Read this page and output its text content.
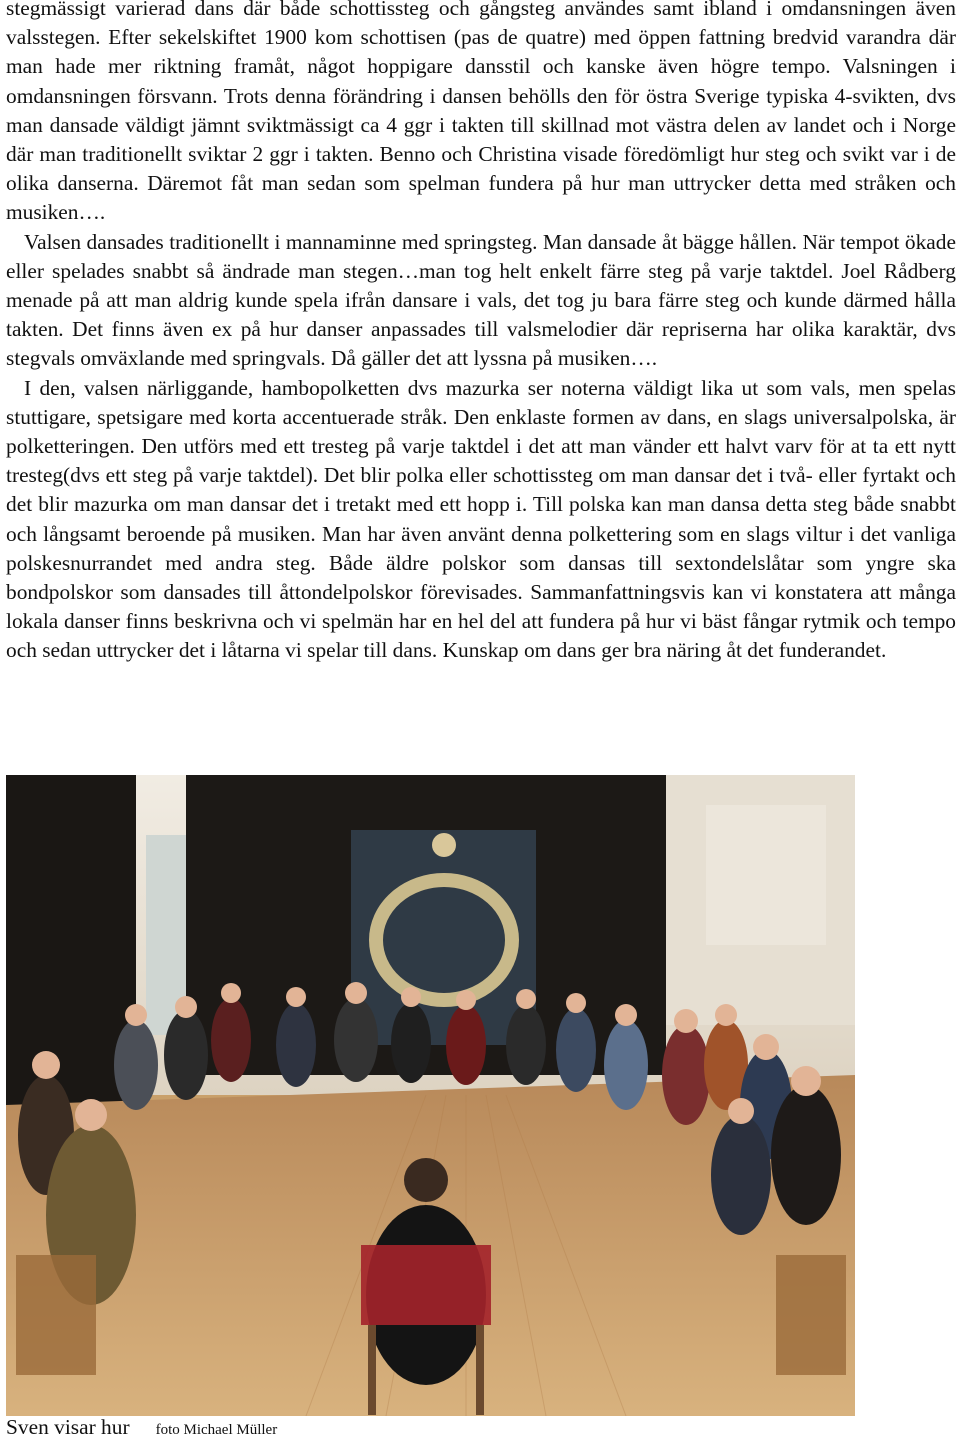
stegmässigt varierad dans där både schottissteg och gångsteg användes samt ibland i omdansningen även valsstegen. Efter sekelskiftet 1900 kom schottisen (pas de quatre) med öppen fattning bredvid varandra där man hade mer riktning framåt, något hoppigare dansstil och kanske även högre tempo. Valsningen i omdansningen försvann. Trots denna förändring i dansen behölls den för östra Sverige typiska 4-svikten, dvs man dansade väldigt jämnt sviktmässigt ca 4 ggr i takten till skillnad mot västra delen av landet och i Norge där man traditionellt sviktar 2 ggr i takten. Benno och Christina visade föredömligt hur steg och svikt var i de olika danserna. Däremot fåt man sedan som spelman fundera på hur man uttrycker detta med stråken och musiken….

Valsen dansades traditionellt i mannaminne med springsteg. Man dansade åt bägge hållen. När tempot ökade eller spelades snabbt så ändrade man stegen…man tog helt enkelt färre steg på varje taktdel. Joel Rådberg menade på att man aldrig kunde spela ifrån dansare i vals, det tog ju bara färre steg och kunde därmed hålla takten. Det finns även ex på hur danser anpassades till valsmelodier där repriserna har olika karaktär, dvs stegvals omväxlande med springvals. Då gäller det att lyssna på musiken….

I den, valsen närliggande, hambopolketten dvs mazurka ser noterna väldigt lika ut som vals, men spelas stuttigare, spetsigare med korta accentuerade stråk. Den enklaste formen av dans, en slags universalpolska, är polketteringen. Den utförs med ett tresteg på varje taktdel i det att man vänder ett halvt varv för at ta ett nytt tresteg(dvs ett steg på varje taktdel). Det blir polka eller schottissteg om man dansar det i två- eller fyrtakt och det blir mazurka om man dansar det i tretakt med ett hopp i. Till polska kan man dansa detta steg både snabbt och långsamt beroende på musiken. Man har även använt denna polkettering som en slags viltur i det vanliga polskesnurrandet med andra steg. Både äldre polskor som dansas till sextondelslåtar som yngre ska bondpolskor som dansades till åttondelpolskor förevisades. Sammanfattningsvis kan vi konstatera att många lokala danser finns beskrivna och vi spelmän har en hel del att fundera på hur vi bäst fångar rytmik och tempo och sedan uttrycker det i låtarna vi spelar till dans. Kunskap om dans ger bra näring åt det funderandet.

Sven visar hur foto Michael Müller
